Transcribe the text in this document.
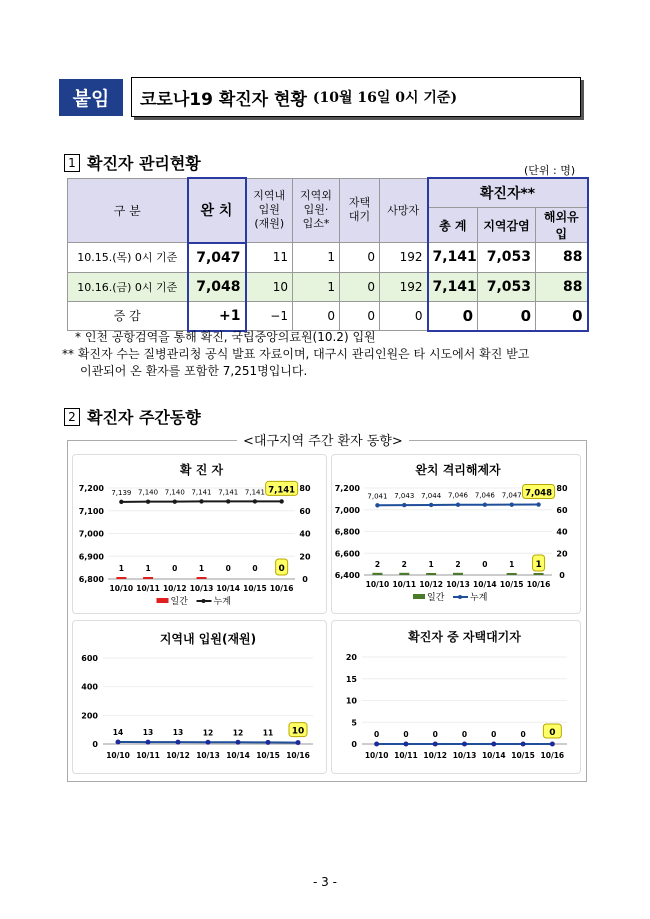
붙임	코로나19 확진자 현황 (10월 16일 0시 기준)
1 확진자 관리현황	(단위 : 명)
구 분	완 치	지역내
입원
(재원)	지역외
입원·
입소*	자택
대기	사망자	확진자**		
						총 계	지역감염	해외유입
10.15.(목) 0시 기준	7,047	11	1	0	192	7,141	7,053	88
10.16.(금) 0시 기준	7,048	10	1	0	192	7,141	7,053	88
증 감	+1	−1	0	0	0	0	0	0
* 인천 공항검역을 통해 확진, 국립중앙의료원(10.2) 입원
** 확진자 수는 질병관리청 공식 발표 자료이며, 대구시 관리인원은 타 시도에서 확진 받고
이관되어 온 환자를 포함한 7,251명입니다.
2 확진자 주간동향
<대구지역 주간 환자 동향>
확 진 자
7,200
7,100
7,000
6,900
6,800
80
60
40
20
0
10/10 10/11 10/12 10/13 10/14 10/15 10/16
1	1	0	1	0	0 0
7,139 7,140 7,140 7,141 7,141 7,141 7,141
일간	누계
완치 격리해제자
7,200
7,000
6,800
6,600
6,400
80
60
40
20
0
10/10 10/11 10/12 10/13 10/14 10/15 10/16
2	2	1	2	0	1 1
7,041 7,043 7,044 7,046 7,046 7,047 7,048
일간	누계
지역내 입원(재원)
600
400
200
0
10/10 10/11 10/12 10/13 10/14 10/15 10/16
14	13	13	12	12	11 10
확진자 중 자택대기자
20
15
10
5
0
10/10 10/11 10/12 10/13 10/14 10/15 10/16
0	0	0	0	0	0	0
- 3 -
